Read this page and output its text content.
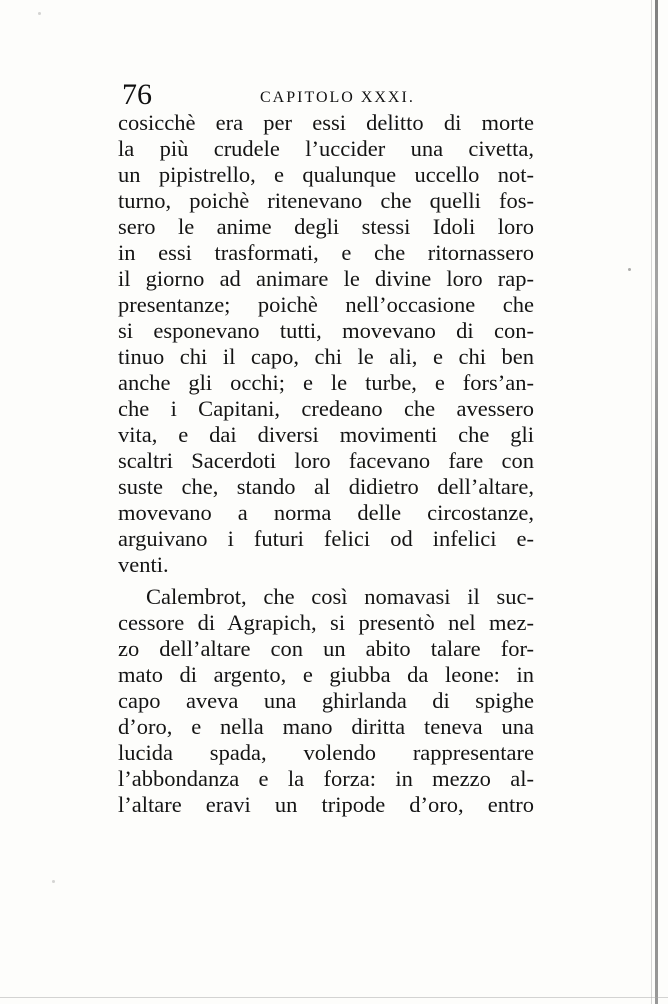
76	CAPITOLO XXXI.
cosicchè era per essi delitto di morte
la più crudele l’uccider una civetta,
un pipistrello, e qualunque uccello not-
turno, poichè ritenevano che quelli fos-
sero le anime degli stessi Idoli loro
in essi trasformati, e che ritornassero
il giorno ad animare le divine loro rap-
presentanze; poichè nell’occasione che
si esponevano tutti, movevano di con-
tinuo chi il capo, chi le ali, e chi ben
anche gli occhi; e le turbe, e fors’an-
che i Capitani, credeano che avessero
vita, e dai diversi movimenti che gli
scaltri Sacerdoti loro facevano fare con
suste che, stando al didietro dell’altare,
movevano a norma delle circostanze,
arguivano i futuri felici od infelici e-
venti.
Calembrot, che così nomavasi il suc-
cessore di Agrapich, si presentò nel mez-
zo dell’altare con un abito talare for-
mato di argento, e giubba da leone: in
capo aveva una ghirlanda di spighe
d’oro, e nella mano diritta teneva una
lucida spada, volendo rappresentare
l’abbondanza e la forza: in mezzo al-
l’altare eravi un tripode d’oro, entro
